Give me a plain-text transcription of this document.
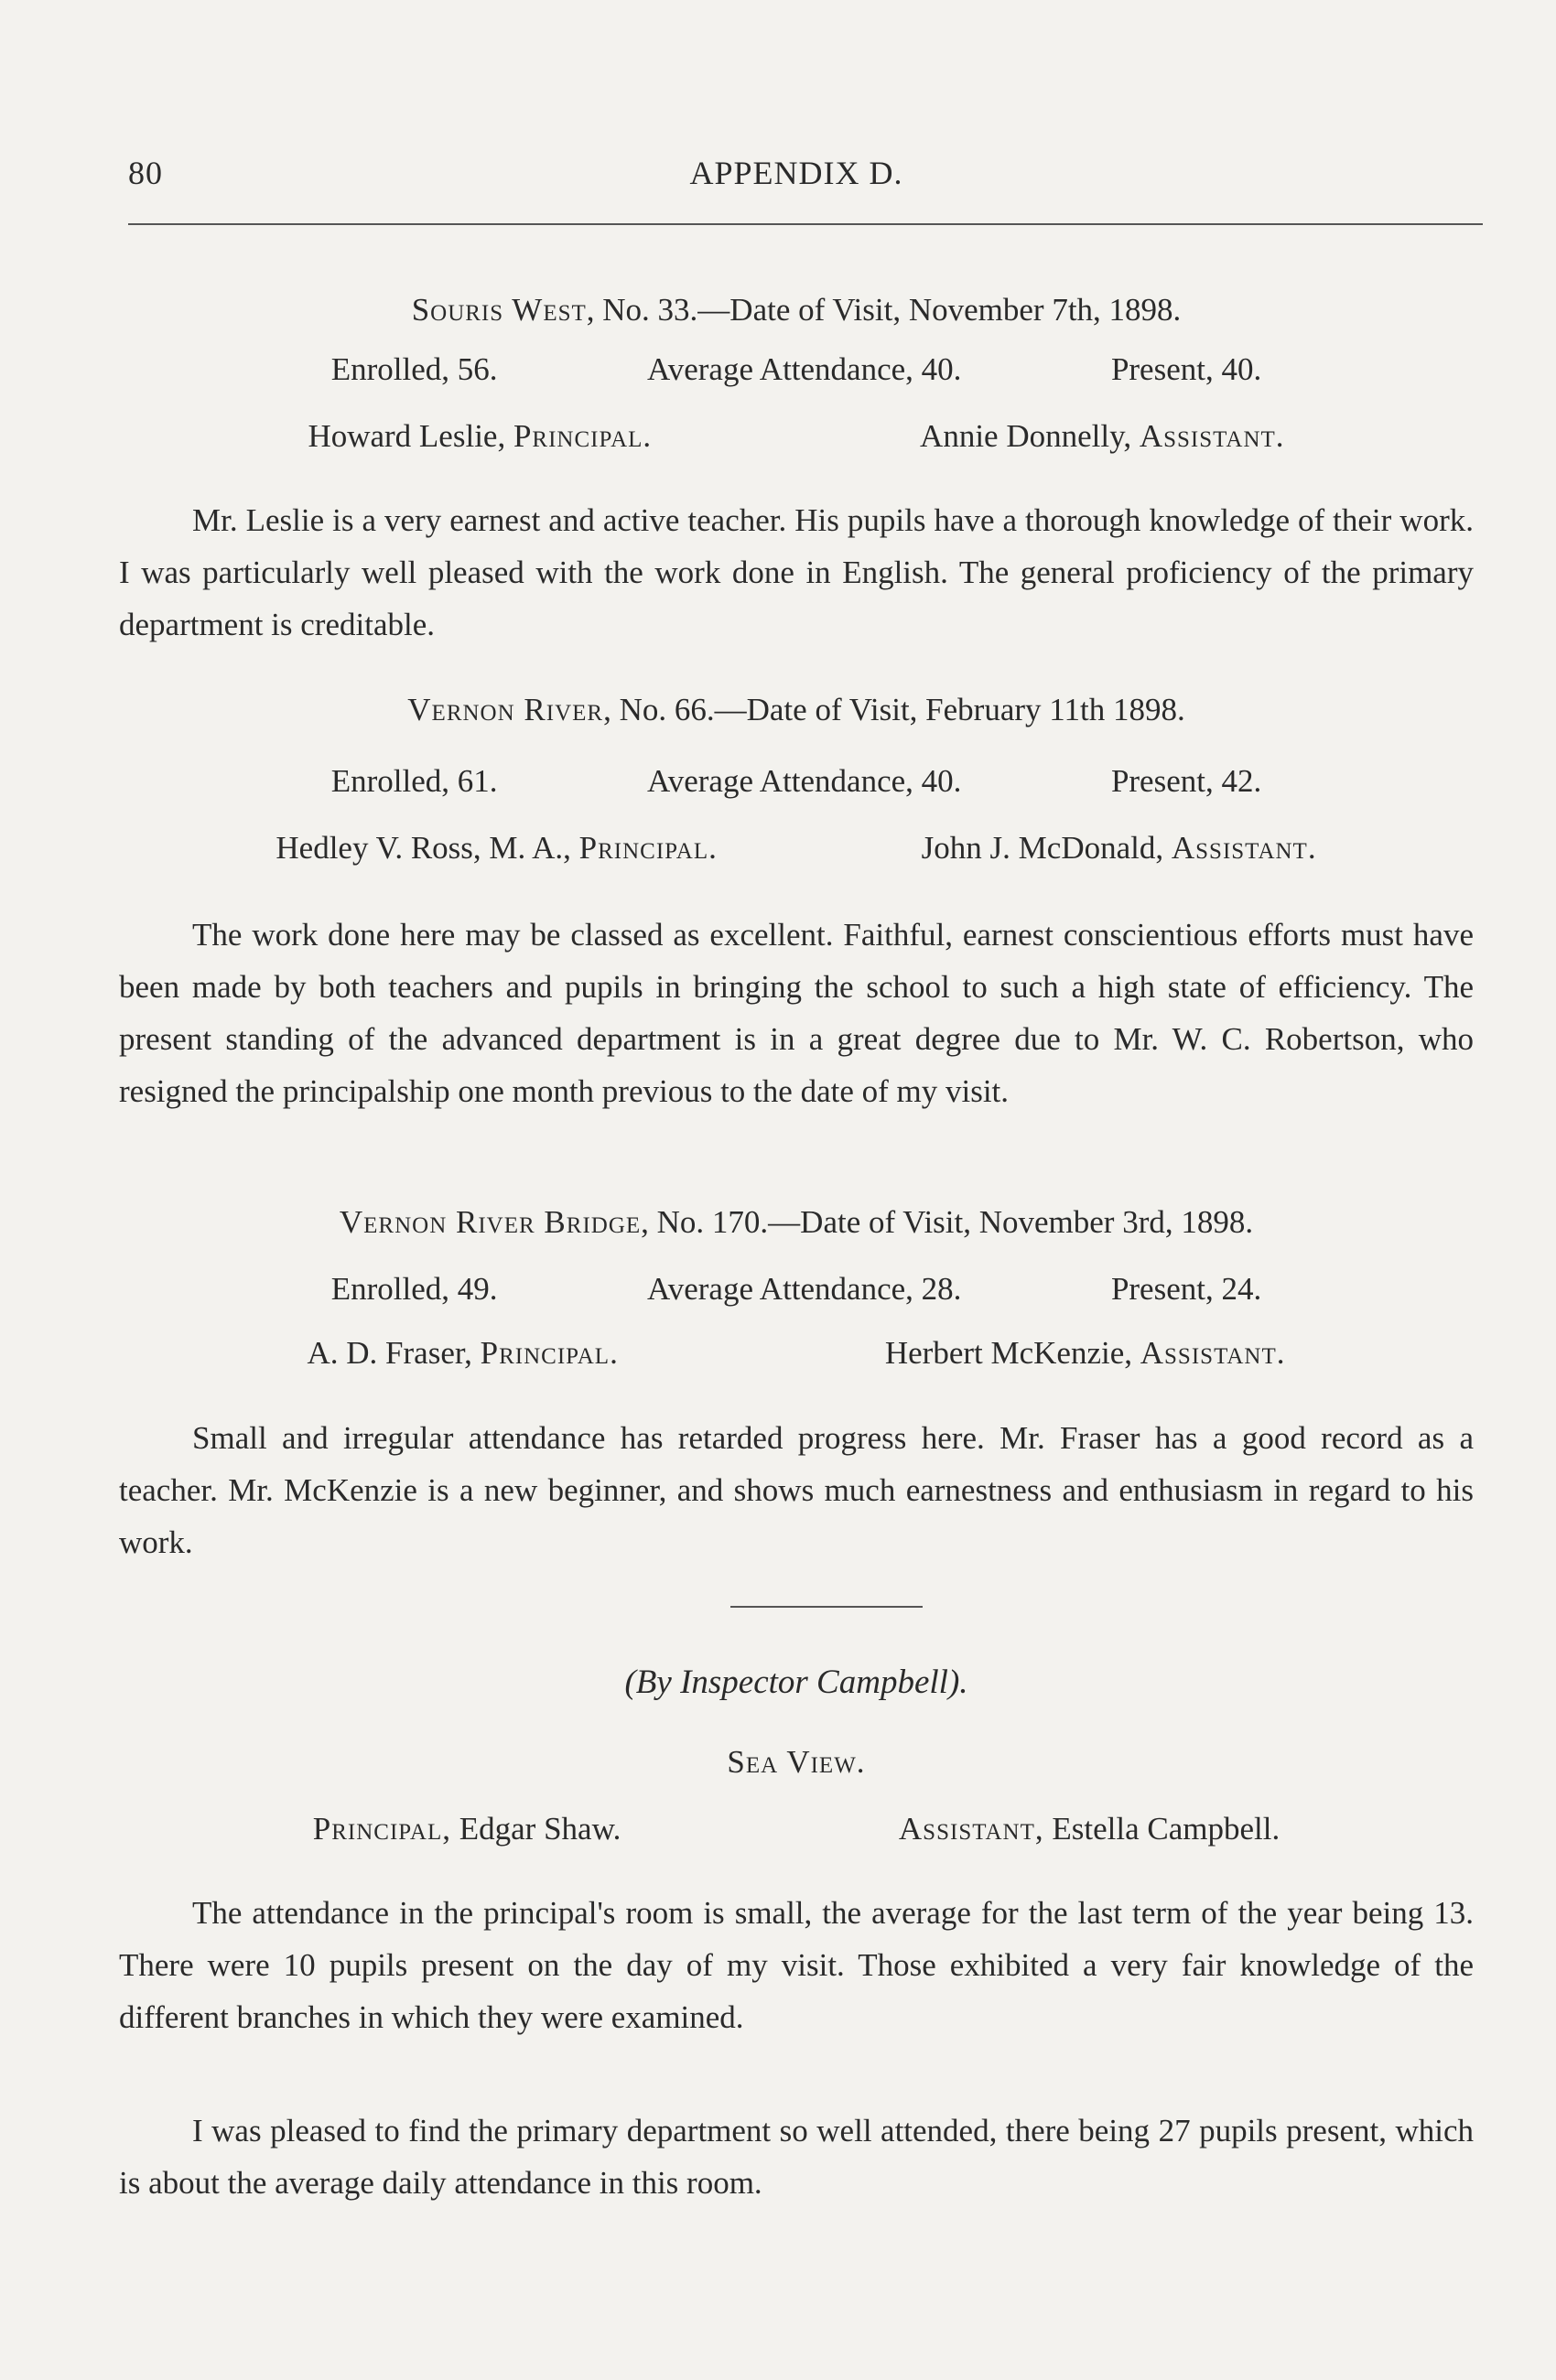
80	APPENDIX D.
Souris West, No. 33.—Date of Visit, November 7th, 1898.
Enrolled, 56.	Average Attendance, 40.	Present, 40.
Howard Leslie, Principal.	Annie Donnelly, Assistant.
Mr. Leslie is a very earnest and active teacher. His pupils have a thorough knowledge of their work. I was particularly well pleased with the work done in English. The general proficiency of the primary department is creditable.
Vernon River, No. 66.—Date of Visit, February 11th 1898.
Enrolled, 61.	Average Attendance, 40.	Present, 42.
Hedley V. Ross, M. A., Principal.	John J. McDonald, Assistant.
The work done here may be classed as excellent. Faithful, earnest conscientious efforts must have been made by both teachers and pupils in bringing the school to such a high state of efficiency. The present standing of the advanced department is in a great degree due to Mr. W. C. Robertson, who resigned the principalship one month previous to the date of my visit.
Vernon River Bridge, No. 170.—Date of Visit, November 3rd, 1898.
Enrolled, 49.	Average Attendance, 28.	Present, 24.
A. D. Fraser, Principal.	Herbert McKenzie, Assistant.
Small and irregular attendance has retarded progress here. Mr. Fraser has a good record as a teacher. Mr. McKenzie is a new beginner, and shows much earnestness and enthusiasm in regard to his work.
(By Inspector Campbell).
Sea View.
Principal, Edgar Shaw.	Assistant, Estella Campbell.
The attendance in the principal's room is small, the average for the last term of the year being 13. There were 10 pupils present on the day of my visit. Those exhibited a very fair knowledge of the different branches in which they were examined.
I was pleased to find the primary department so well attended, there being 27 pupils present, which is about the average daily attendance in this room.
